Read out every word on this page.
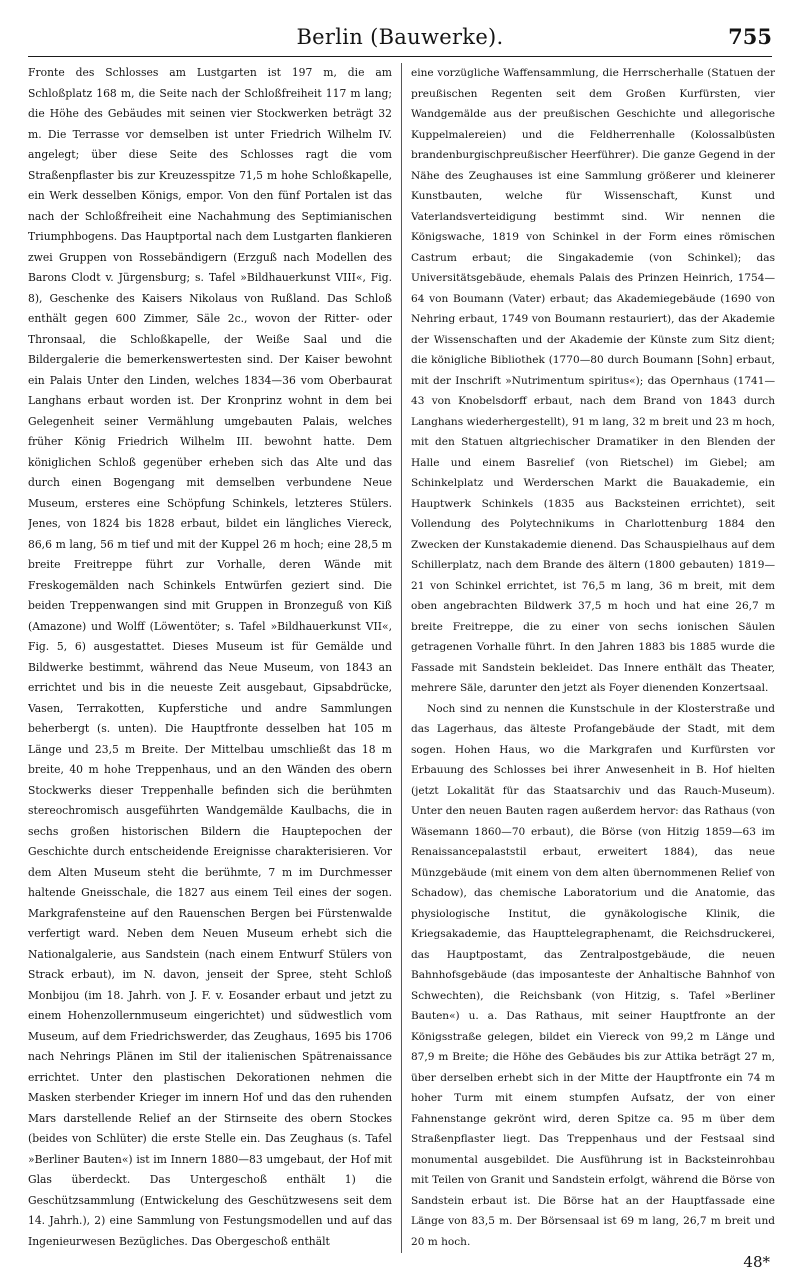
Berlin (Bauwerke).	755

Fronte des Schlosses am Lustgarten ist 197 m, die am Schloßplatz 168 m, die Seite nach der Schloßfreiheit 117 m lang; die Höhe des Gebäudes mit seinen vier Stockwerken beträgt 32 m. Die Terrasse vor demselben ist unter Friedrich Wilhelm IV. angelegt; über diese Seite des Schlosses ragt die vom Straßenpflaster bis zur Kreuzesspitze 71,5 m hohe Schloßkapelle, ein Werk desselben Königs, empor. Von den fünf Portalen ist das nach der Schloßfreiheit eine Nachahmung des Septimianischen Triumphbogens. Das Hauptportal nach dem Lustgarten flankieren zwei Gruppen von Rossebändigern (Erzguß nach Modellen des Barons Clodt v. Jürgensburg; s. Tafel »Bildhauerkunst VIII«, Fig. 8), Geschenke des Kaisers Nikolaus von Rußland. Das Schloß enthält gegen 600 Zimmer, Säle 2c., wovon der Ritter- oder Thronsaal, die Schloßkapelle, der Weiße Saal und die Bildergalerie die bemerkenswertesten sind. Der Kaiser bewohnt ein Palais Unter den Linden, welches 1834—36 vom Oberbaurat Langhans erbaut worden ist. Der Kronprinz wohnt in dem bei Gelegenheit seiner Vermählung umgebauten Palais, welches früher König Friedrich Wilhelm III. bewohnt hatte. Dem königlichen Schloß gegenüber erheben sich das Alte und das durch einen Bogengang mit demselben verbundene Neue Museum, ersteres eine Schöpfung Schinkels, letzteres Stülers. Jenes, von 1824 bis 1828 erbaut, bildet ein längliches Viereck, 86,6 m lang, 56 m tief und mit der Kuppel 26 m hoch; eine 28,5 m breite Freitreppe führt zur Vorhalle, deren Wände mit Freskogemälden nach Schinkels Entwürfen geziert sind. Die beiden Treppenwangen sind mit Gruppen in Bronzeguß von Kiß (Amazone) und Wolff (Löwentöter; s. Tafel »Bildhauerkunst VII«, Fig. 5, 6) ausgestattet. Dieses Museum ist für Gemälde und Bildwerke bestimmt, während das Neue Museum, von 1843 an errichtet und bis in die neueste Zeit ausgebaut, Gipsabdrücke, Vasen, Terrakotten, Kupferstiche und andre Sammlungen beherbergt (s. unten). Die Hauptfronte desselben hat 105 m Länge und 23,5 m Breite. Der Mittelbau umschließt das 18 m breite, 40 m hohe Treppenhaus, und an den Wänden des obern Stockwerks dieser Treppenhalle befinden sich die berühmten stereochromisch ausgeführten Wandgemälde Kaulbachs, die in sechs großen historischen Bildern die Hauptepochen der Geschichte durch entscheidende Ereignisse charakterisieren. Vor dem Alten Museum steht die berühmte, 7 m im Durchmesser haltende Gneisschale, die 1827 aus einem Teil eines der sogen. Markgrafensteine auf den Rauenschen Bergen bei Fürstenwalde verfertigt ward. Neben dem Neuen Museum erhebt sich die Nationalgalerie, aus Sandstein (nach einem Entwurf Stülers von Strack erbaut), im N. davon, jenseit der Spree, steht Schloß Monbijou (im 18. Jahrh. von J. F. v. Eosander erbaut und jetzt zu einem Hohenzollernmuseum eingerichtet) und südwestlich vom Museum, auf dem Friedrichswerder, das Zeughaus, 1695 bis 1706 nach Nehrings Plänen im Stil der italienischen Spätrenaissance errichtet. Unter den plastischen Dekorationen nehmen die Masken sterbender Krieger im innern Hof und das den ruhenden Mars darstellende Relief an der Stirnseite des obern Stockes (beides von Schlüter) die erste Stelle ein. Das Zeughaus (s. Tafel »Berliner Bauten«) ist im Innern 1880—83 umgebaut, der Hof mit Glas überdeckt. Das Untergeschoß enthält 1) die Geschützsammlung (Entwickelung des Geschützwesens seit dem 14. Jahrh.), 2) eine Sammlung von Festungsmodellen und auf das Ingenieurwesen Bezügliches. Das Obergeschoß enthält

eine vorzügliche Waffensammlung, die Herrscherhalle (Statuen der preußischen Regenten seit dem Großen Kurfürsten, vier Wandgemälde aus der preußischen Geschichte und allegorische Kuppelmalereien) und die Feldherrenhalle (Kolossalbüsten brandenburgischpreußischer Heerführer). Die ganze Gegend in der Nähe des Zeughauses ist eine Sammlung größerer und kleinerer Kunstbauten, welche für Wissenschaft, Kunst und Vaterlandsverteidigung bestimmt sind. Wir nennen die Königswache, 1819 von Schinkel in der Form eines römischen Castrum erbaut; die Singakademie (von Schinkel); das Universitätsgebäude, ehemals Palais des Prinzen Heinrich, 1754—64 von Boumann (Vater) erbaut; das Akademiegebäude (1690 von Nehring erbaut, 1749 von Boumann restauriert), das der Akademie der Wissenschaften und der Akademie der Künste zum Sitz dient; die königliche Bibliothek (1770—80 durch Boumann [Sohn] erbaut, mit der Inschrift »Nutrimentum spiritus«); das Opernhaus (1741—43 von Knobelsdorff erbaut, nach dem Brand von 1843 durch Langhans wiederhergestellt), 91 m lang, 32 m breit und 23 m hoch, mit den Statuen altgriechischer Dramatiker in den Blenden der Halle und einem Basrelief (von Rietschel) im Giebel; am Schinkelplatz und Werderschen Markt die Bauakademie, ein Hauptwerk Schinkels (1835 aus Backsteinen errichtet), seit Vollendung des Polytechnikums in Charlottenburg 1884 den Zwecken der Kunstakademie dienend. Das Schauspielhaus auf dem Schillerplatz, nach dem Brande des ältern (1800 gebauten) 1819—21 von Schinkel errichtet, ist 76,5 m lang, 36 m breit, mit dem oben angebrachten Bildwerk 37,5 m hoch und hat eine 26,7 m breite Freitreppe, die zu einer von sechs ionischen Säulen getragenen Vorhalle führt. In den Jahren 1883 bis 1885 wurde die Fassade mit Sandstein bekleidet. Das Innere enthält das Theater, mehrere Säle, darunter den jetzt als Foyer dienenden Konzertsaal.

Noch sind zu nennen die Kunstschule in der Klosterstraße und das Lagerhaus, das älteste Profangebäude der Stadt, mit dem sogen. Hohen Haus, wo die Markgrafen und Kurfürsten vor Erbauung des Schlosses bei ihrer Anwesenheit in B. Hof hielten (jetzt Lokalität für das Staatsarchiv und das Rauch-Museum). Unter den neuen Bauten ragen außerdem hervor: das Rathaus (von Wäsemann 1860—70 erbaut), die Börse (von Hitzig 1859—63 im Renaissancepalaststil erbaut, erweitert 1884), das neue Münzgebäude (mit einem von dem alten übernommenen Relief von Schadow), das chemische Laboratorium und die Anatomie, das physiologische Institut, die gynäkologische Klinik, die Kriegsakademie, das Haupttelegraphenamt, die Reichsdruckerei, das Hauptpostamt, das Zentralpostgebäude, die neuen Bahnhofsgebäude (das imposanteste der Anhaltische Bahnhof von Schwechten), die Reichsbank (von Hitzig, s. Tafel »Berliner Bauten«) u. a. Das Rathaus, mit seiner Hauptfronte an der Königsstraße gelegen, bildet ein Viereck von 99,2 m Länge und 87,9 m Breite; die Höhe des Gebäudes bis zur Attika beträgt 27 m, über derselben erhebt sich in der Mitte der Hauptfronte ein 74 m hoher Turm mit einem stumpfen Aufsatz, der von einer Fahnenstange gekrönt wird, deren Spitze ca. 95 m über dem Straßenpflaster liegt. Das Treppenhaus und der Festsaal sind monumental ausgebildet. Die Ausführung ist in Backsteinrohbau mit Teilen von Granit und Sandstein erfolgt, während die Börse von Sandstein erbaut ist. Die Börse hat an der Hauptfassade eine Länge von 83,5 m. Der Börsensaal ist 69 m lang, 26,7 m breit und 20 m hoch.

48*
